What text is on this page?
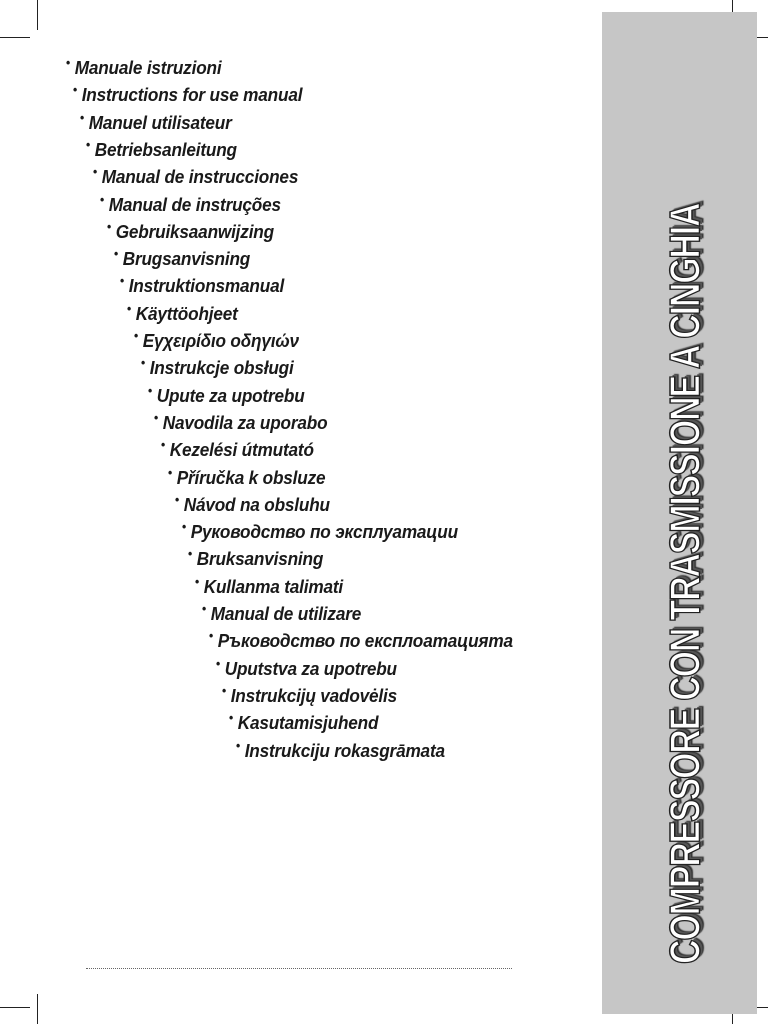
• Manuale istruzioni
• Instructions for use manual
• Manuel utilisateur
• Betriebsanleitung
• Manual de instrucciones
• Manual de instruções
• Gebruiksaanwijzing
• Brugsanvisning
• Instruktionsmanual
• Käyttöohjeet
• Εγχειρίδιο οδηγιών
• Instrukcje obsługi
• Upute za upotrebu
• Navodila za uporabo
• Kezelési útmutató
• Příručka k obsluze
• Návod na obsluhu
• Руководство по эксплуатации
• Bruksanvisning
• Kullanma talimati
• Manual de utilizare
• Ръководство по експлоатацията
• Uputstva za upotrebu
• Instrukcijų vadovėlis
• Kasutamisjuhend
• Instrukciju rokasgrāmata	COMPRESSORE CON TRASMISSIONE A CINGHIA
